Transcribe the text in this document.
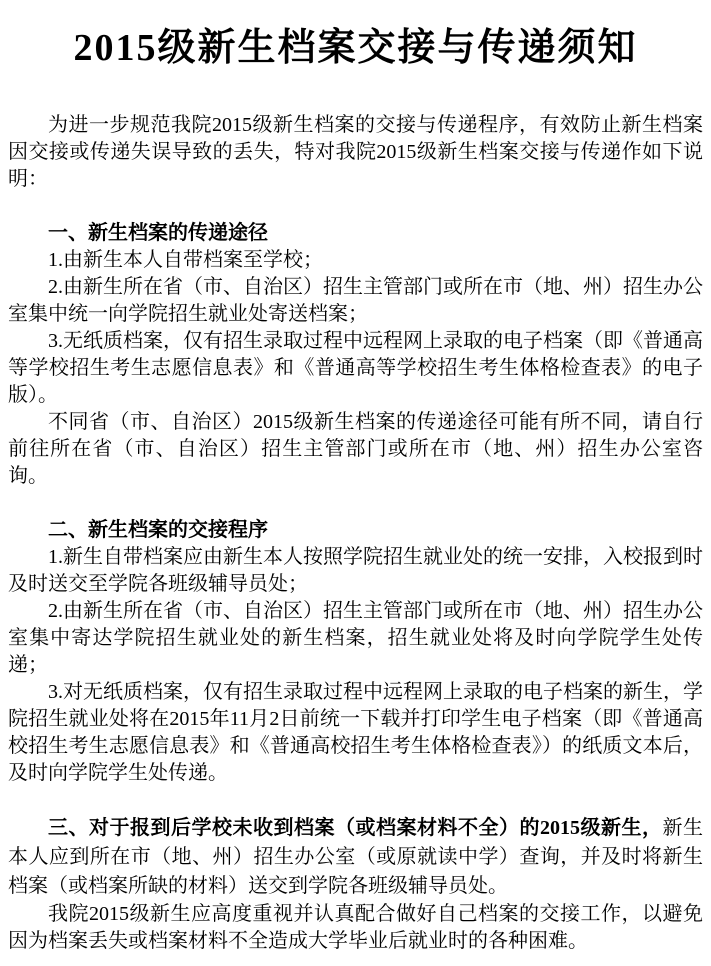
2015级新生档案交接与传递须知

为进一步规范我院2015级新生档案的交接与传递程序，有效防止新生档案因交接或传递失误导致的丢失，特对我院2015级新生档案交接与传递作如下说明：

一、新生档案的传递途径

1.由新生本人自带档案至学校；

2.由新生所在省（市、自治区）招生主管部门或所在市（地、州）招生办公室集中统一向学院招生就业处寄送档案；

3.无纸质档案，仅有招生录取过程中远程网上录取的电子档案（即《普通高等学校招生考生志愿信息表》和《普通高等学校招生考生体格检查表》的电子版）。

不同省（市、自治区）2015级新生档案的传递途径可能有所不同，请自行前往所在省（市、自治区）招生主管部门或所在市（地、州）招生办公室咨询。

二、新生档案的交接程序

1.新生自带档案应由新生本人按照学院招生就业处的统一安排，入校报到时及时送交至学院各班级辅导员处；

2.由新生所在省（市、自治区）招生主管部门或所在市（地、州）招生办公室集中寄达学院招生就业处的新生档案，招生就业处将及时向学院学生处传递；

3.对无纸质档案，仅有招生录取过程中远程网上录取的电子档案的新生，学院招生就业处将在2015年11月2日前统一下载并打印学生电子档案（即《普通高校招生考生志愿信息表》和《普通高校招生考生体格检查表》）的纸质文本后，及时向学院学生处传递。

三、对于报到后学校未收到档案（或档案材料不全）的2015级新生，新生本人应到所在市（地、州）招生办公室（或原就读中学）查询，并及时将新生档案（或档案所缺的材料）送交到学院各班级辅导员处。

我院2015级新生应高度重视并认真配合做好自己档案的交接工作，以避免因为档案丢失或档案材料不全造成大学毕业后就业时的各种困难。
